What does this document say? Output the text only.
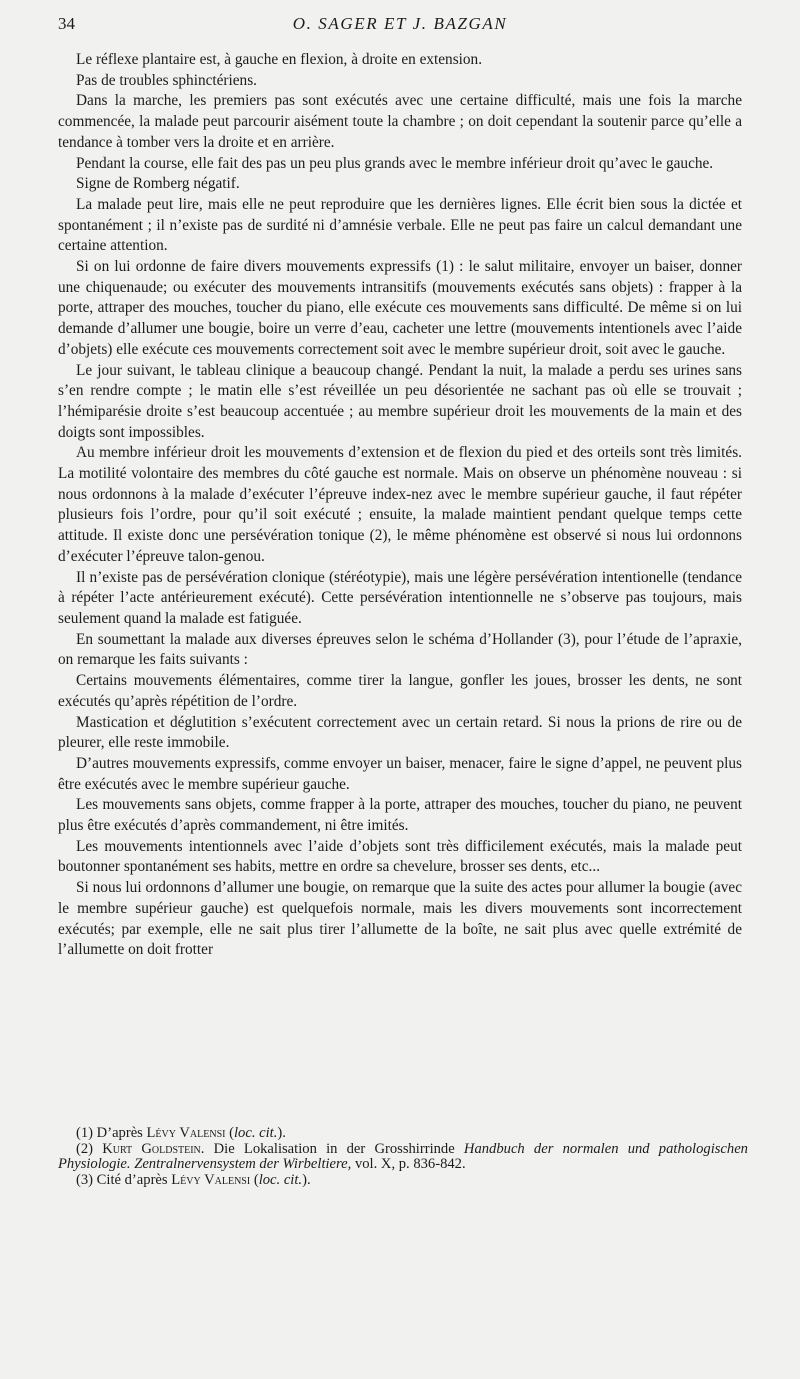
34	O. SAGER ET J. BAZGAN

Le réflexe plantaire est, à gauche en flexion, à droite en extension.

Pas de troubles sphinctériens.

Dans la marche, les premiers pas sont exécutés avec une certaine difficulté, mais une fois la marche commencée, la malade peut parcourir aisément toute la chambre ; on doit cependant la soutenir parce qu’elle a tendance à tomber vers la droite et en arrière.

Pendant la course, elle fait des pas un peu plus grands avec le membre inférieur droit qu’avec le gauche.

Signe de Romberg négatif.

La malade peut lire, mais elle ne peut reproduire que les dernières lignes. Elle écrit bien sous la dictée et spontanément ; il n’existe pas de surdité ni d’amnésie verbale. Elle ne peut pas faire un calcul demandant une certaine attention.

Si on lui ordonne de faire divers mouvements expressifs (1) : le salut militaire, envoyer un baiser, donner une chiquenaude; ou exécuter des mouvements intransitifs (mouvements exécutés sans objets) : frapper à la porte, attraper des mouches, toucher du piano, elle exécute ces mouvements sans difficulté. De même si on lui demande d’allumer une bougie, boire un verre d’eau, cacheter une lettre (mouvements intentionels avec l’aide d’objets) elle exécute ces mouvements correctement soit avec le membre supérieur droit, soit avec le gauche.

Le jour suivant, le tableau clinique a beaucoup changé. Pendant la nuit, la malade a perdu ses urines sans s’en rendre compte ; le matin elle s’est réveillée un peu désorientée ne sachant pas où elle se trouvait ; l’hémiparésie droite s’est beaucoup accentuée ; au membre supérieur droit les mouvements de la main et des doigts sont impossibles.

Au membre inférieur droit les mouvements d’extension et de flexion du pied et des orteils sont très limités. La motilité volontaire des membres du côté gauche est normale. Mais on observe un phénomène nouveau : si nous ordonnons à la malade d’exécuter l’épreuve index-nez avec le membre supérieur gauche, il faut répéter plusieurs fois l’ordre, pour qu’il soit exécuté ; ensuite, la malade maintient pendant quelque temps cette attitude. Il existe donc une persévération tonique (2), le même phénomène est observé si nous lui ordonnons d’exécuter l’épreuve talon-genou.

Il n’existe pas de persévération clonique (stéréotypie), mais une légère persévération intentionelle (tendance à répéter l’acte antérieurement exécuté). Cette persévération intentionnelle ne s’observe pas toujours, mais seulement quand la malade est fatiguée.

En soumettant la malade aux diverses épreuves selon le schéma d’Hollander (3), pour l’étude de l’apraxie, on remarque les faits suivants :

Certains mouvements élémentaires, comme tirer la langue, gonfler les joues, brosser les dents, ne sont exécutés qu’après répétition de l’ordre.

Mastication et déglutition s’exécutent correctement avec un certain retard. Si nous la prions de rire ou de pleurer, elle reste immobile.

D’autres mouvements expressifs, comme envoyer un baiser, menacer, faire le signe d’appel, ne peuvent plus être exécutés avec le membre supérieur gauche.

Les mouvements sans objets, comme frapper à la porte, attraper des mouches, toucher du piano, ne peuvent plus être exécutés d’après commandement, ni être imités.

Les mouvements intentionnels avec l’aide d’objets sont très difficilement exécutés, mais la malade peut boutonner spontanément ses habits, mettre en ordre sa chevelure, brosser ses dents, etc...

Si nous lui ordonnons d’allumer une bougie, on remarque que la suite des actes pour allumer la bougie (avec le membre supérieur gauche) est quelquefois normale, mais les divers mouvements sont incorrectement exécutés; par exemple, elle ne sait plus tirer l’allumette de la boîte, ne sait plus avec quelle extrémité de l’allumette on doit frotter

(1) D’après Lévy Valensi (loc. cit.).

(2) Kurt Goldstein. Die Lokalisation in der Grosshirrinde Handbuch der normalen und pathologischen Physiologie. Zentralnervensystem der Wirbeltiere, vol. X, p. 836-842.

(3) Cité d’après Lévy Valensi (loc. cit.).
